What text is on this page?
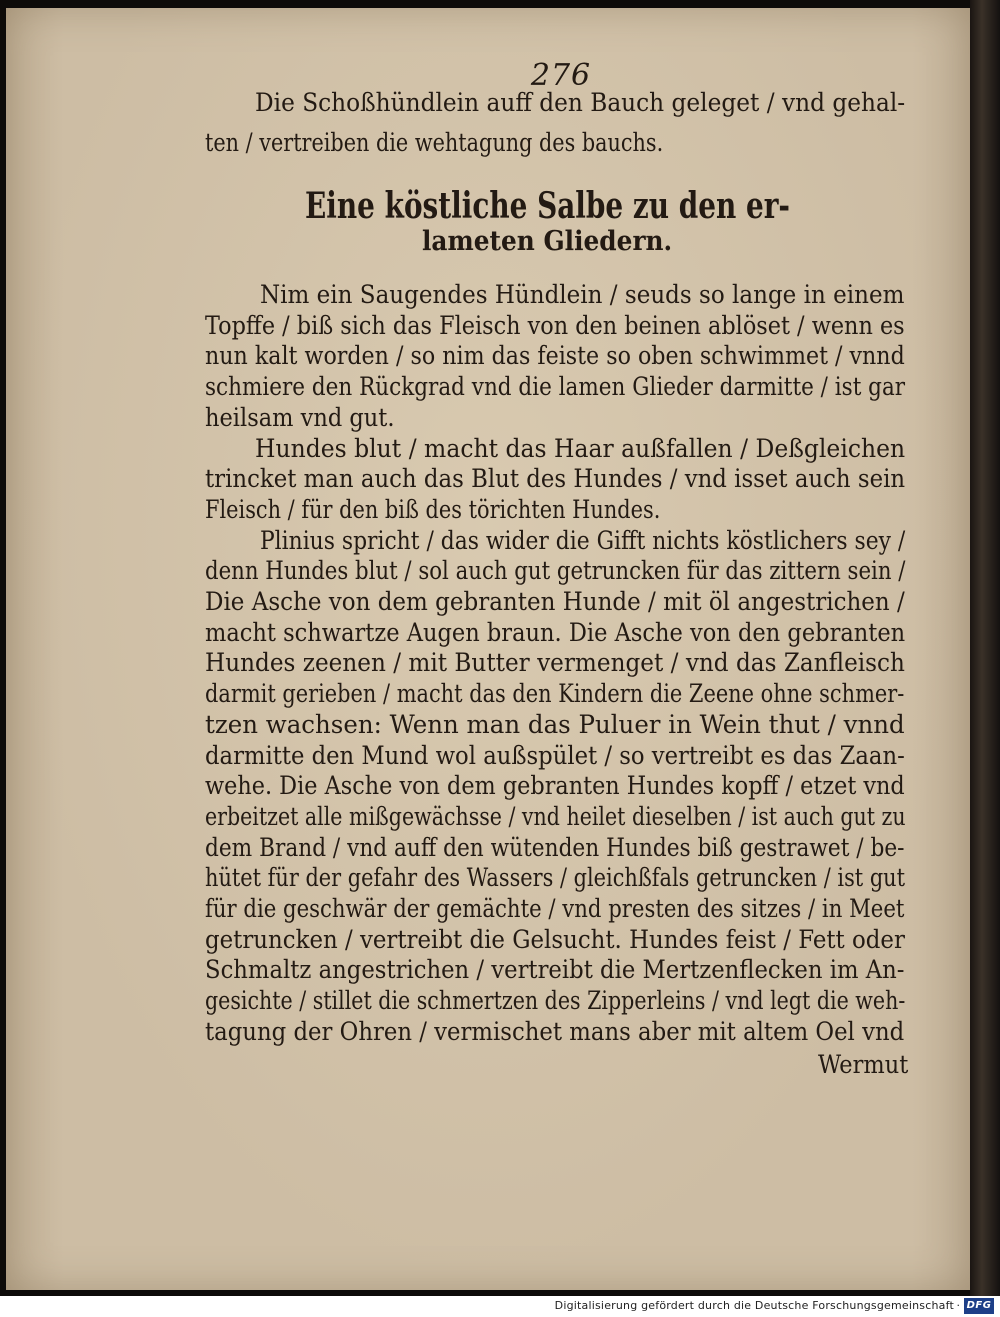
276
Die Schoßhündlein auff den Bauch geleget / vnd gehal-
ten / vertreiben die wehtagung des bauchs.
Eine köstliche Salbe zu den er-
lameten Gliedern.
Nim ein Saugendes Hündlein / seuds so lange in einem
Topffe / biß sich das Fleisch von den beinen ablöset / wenn es
nun kalt worden / so nim das feiste so oben schwimmet / vnnd
schmiere den Rückgrad vnd die lamen Glieder darmitte / ist gar
heilsam vnd gut.
Hundes blut / macht das Haar außfallen / Deßgleichen
trincket man auch das Blut des Hundes / vnd isset auch sein
Fleisch / für den biß des törichten Hundes.
Plinius spricht / das wider die Gifft nichts köstlichers sey /
denn Hundes blut / sol auch gut getruncken für das zittern sein /
Die Asche von dem gebranten Hunde / mit öl angestrichen /
macht schwartze Augen braun. Die Asche von den gebranten
Hundes zeenen / mit Butter vermenget / vnd das Zanfleisch
darmit gerieben / macht das den Kindern die Zeene ohne schmer-
tzen wachsen: Wenn man das Puluer in Wein thut / vnnd
darmitte den Mund wol außspület / so vertreibt es das Zaan-
wehe. Die Asche von dem gebranten Hundes kopff / etzet vnd
erbeitzet alle mißgewächsse / vnd heilet dieselben / ist auch gut zu
dem Brand / vnd auff den wütenden Hundes biß gestrawet / be-
hütet für der gefahr des Wassers / gleichßfals getruncken / ist gut
für die geschwär der gemächte / vnd presten des sitzes / in Meet
getruncken / vertreibt die Gelsucht. Hundes feist / Fett oder
Schmaltz angestrichen / vertreibt die Mertzenflecken im An-
gesichte / stillet die schmertzen des Zipperleins / vnd legt die weh-
tagung der Ohren / vermischet mans aber mit altem Oel vnd
Wermut
Digitalisierung gefördert durch die Deutsche Forschungsgemeinschaft · DFG
